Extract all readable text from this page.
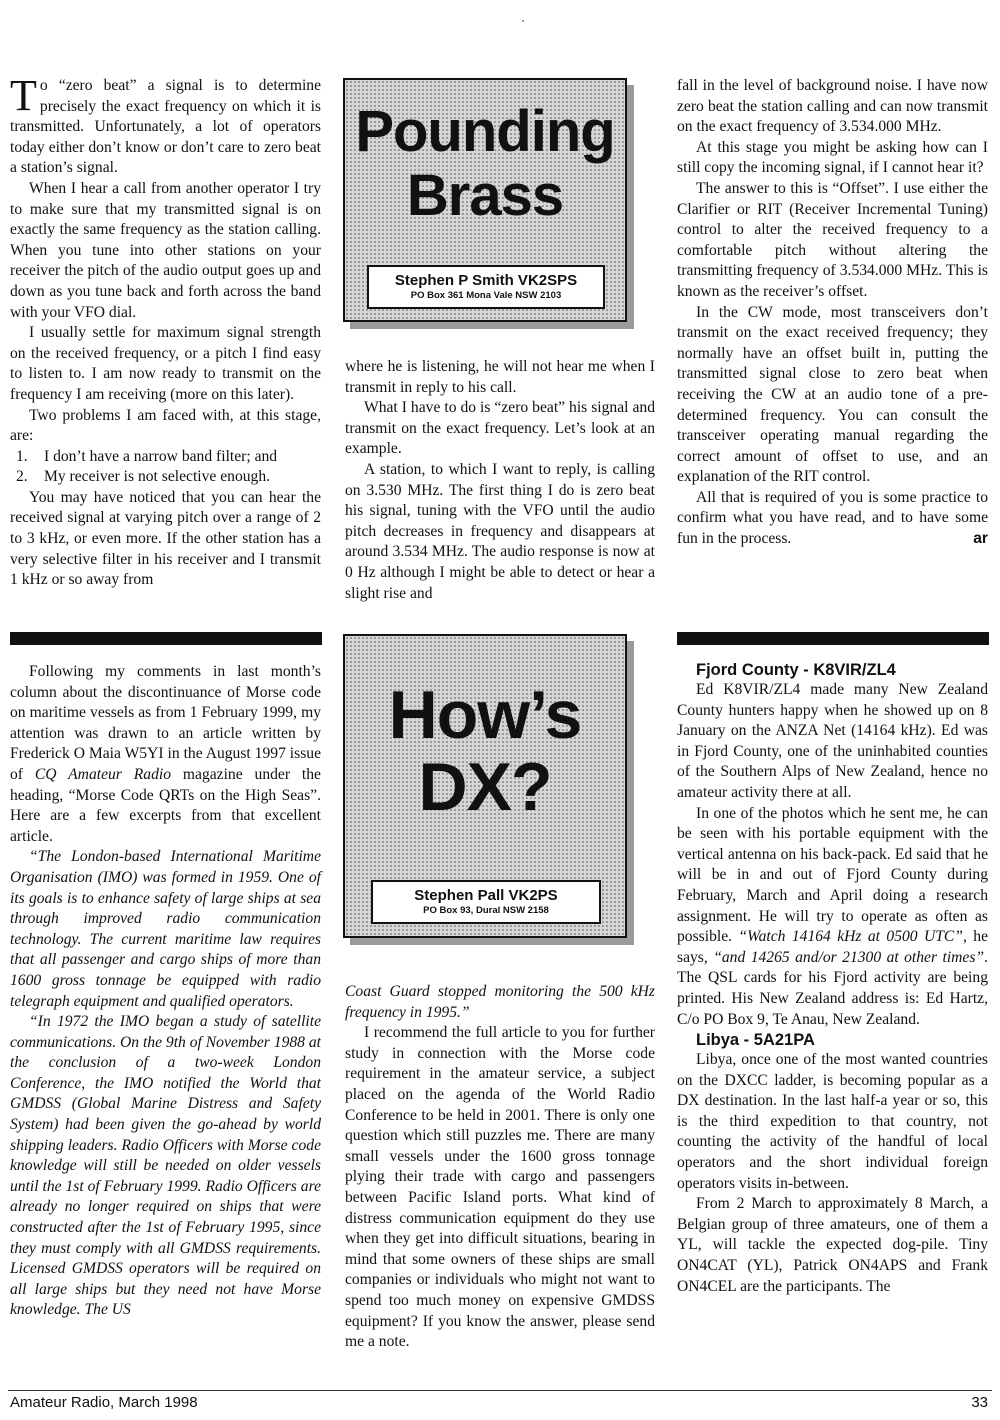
To “zero beat” a signal is to determine precisely the exact frequency on which it is transmitted. Unfortunately, a lot of operators today either don’t know or don’t care to zero beat a station’s signal.

When I hear a call from another operator I try to make sure that my transmitted signal is on exactly the same frequency as the station calling. When you tune into other stations on your receiver the pitch of the audio output goes up and down as you tune back and forth across the band with your VFO dial.

I usually settle for maximum signal strength on the received frequency, or a pitch I find easy to listen to. I am now ready to transmit on the frequency I am receiving (more on this later).

Two problems I am faced with, at this stage, are:

1. I don’t have a narrow band filter; and

2. My receiver is not selective enough.

You may have noticed that you can hear the received signal at varying pitch over a range of 2 to 3 kHz, or even more. If the other station has a very selective filter in his receiver and I transmit 1 kHz or so away from

Pounding
Brass
Stephen P Smith VK2SPS
PO Box 361 Mona Vale NSW 2103

where he is listening, he will not hear me when I transmit in reply to his call.

What I have to do is “zero beat” his signal and transmit on the exact frequency. Let’s look at an example.

A station, to which I want to reply, is calling on 3.530 MHz. The first thing I do is zero beat his signal, tuning with the VFO until the audio pitch decreases in frequency and disappears at around 3.534 MHz. The audio response is now at 0 Hz although I might be able to detect or hear a slight rise and

fall in the level of background noise. I have now zero beat the station calling and can now transmit on the exact frequency of 3.534.000 MHz.

At this stage you might be asking how can I still copy the incoming signal, if I cannot hear it?

The answer to this is “Offset”. I use either the Clarifier or RIT (Receiver Incremental Tuning) control to alter the received frequency to a comfortable pitch without altering the transmitting frequency of 3.534.000 MHz. This is known as the receiver’s offset.

In the CW mode, most transceivers don’t transmit on the exact received frequency; they normally have an offset built in, putting the transmitted signal close to zero beat when receiving the CW at an audio tone of a pre-determined frequency. You can consult the transceiver operating manual regarding the correct amount of offset to use, and an explanation of the RIT control.

All that is required of you is some practice to confirm what you have read, and to have some fun in the process.	ar

Following my comments in last month’s column about the discontinuance of Morse code on maritime vessels as from 1 February 1999, my attention was drawn to an article written by Frederick O Maia W5YI in the August 1997 issue of CQ Amateur Radio magazine under the heading, “Morse Code QRTs on the High Seas”. Here are a few excerpts from that excellent article.

“The London-based International Maritime Organisation (IMO) was formed in 1959. One of its goals is to enhance safety of large ships at sea through improved radio communication technology. The current maritime law requires that all passenger and cargo ships of more than 1600 gross tonnage be equipped with radio telegraph equipment and qualified operators.

“In 1972 the IMO began a study of satellite communications. On the 9th of November 1988 at the conclusion of a two-week London Conference, the IMO notified the World that GMDSS (Global Marine Distress and Safety System) had been given the go-ahead by world shipping leaders. Radio Officers with Morse code knowledge will still be needed on older vessels until the 1st of February 1999. Radio Officers are already no longer required on ships that were constructed after the 1st of February 1995, since they must comply with all GMDSS requirements. Licensed GMDSS operators will be required on all large ships but they need not have Morse knowledge. The US

How’s
DX?
Stephen Pall VK2PS
PO Box 93, Dural NSW 2158

Coast Guard stopped monitoring the 500 kHz frequency in 1995.”

I recommend the full article to you for further study in connection with the Morse code requirement in the amateur service, a subject placed on the agenda of the World Radio Conference to be held in 2001. There is only one question which still puzzles me. There are many small vessels under the 1600 gross tonnage plying their trade with cargo and passengers between Pacific Island ports. What kind of distress communication equipment do they use when they get into difficult situations, bearing in mind that some owners of these ships are small companies or individuals who might not want to spend too much money on expensive GMDSS equipment? If you know the answer, please send me a note.

Fjord County - K8VIR/ZL4

Ed K8VIR/ZL4 made many New Zealand County hunters happy when he showed up on 8 January on the ANZA Net (14164 kHz). Ed was in Fjord County, one of the uninhabited counties of the Southern Alps of New Zealand, hence no amateur activity there at all.

In one of the photos which he sent me, he can be seen with his portable equipment with the vertical antenna on his back-pack. Ed said that he will be in and out of Fjord County during February, March and April doing a research assignment. He will try to operate as often as possible. “Watch 14164 kHz at 0500 UTC”, he says, “and 14265 and/or 21300 at other times”. The QSL cards for his Fjord activity are being printed. His New Zealand address is: Ed Hartz, C/o PO Box 9, Te Anau, New Zealand.

Libya - 5A21PA

Libya, once one of the most wanted countries on the DXCC ladder, is becoming popular as a DX destination. In the last half-a year or so, this is the third expedition to that country, not counting the activity of the handful of local operators and the short individual foreign operators visits in-between.

From 2 March to approximately 8 March, a Belgian group of three amateurs, one of them a YL, will tackle the expected dog-pile. Tiny ON4CAT (YL), Patrick ON4APS and Frank ON4CEL are the participants. The

Amateur Radio, March 1998	33
